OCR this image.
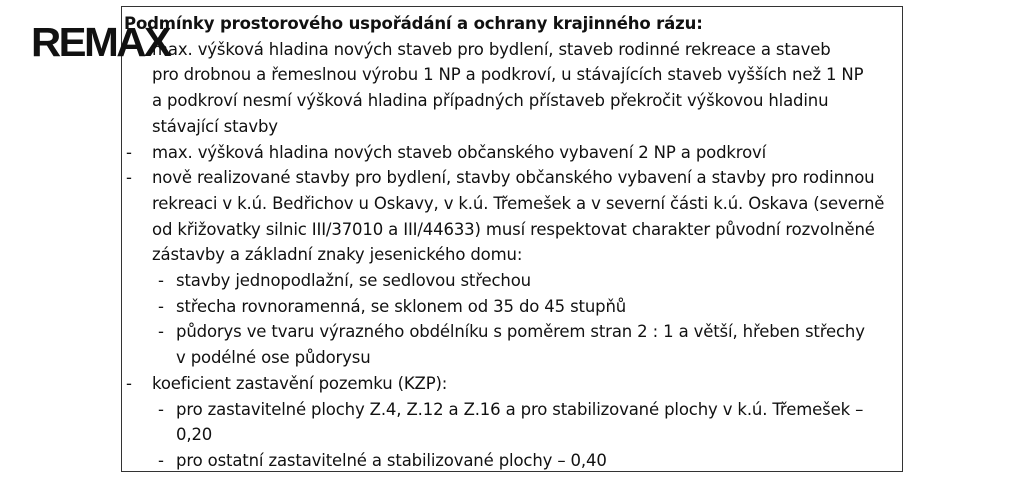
REMAX
Podmínky prostorového uspořádání a ochrany krajinného rázu:
max. výšková hladina nových staveb pro bydlení, staveb rodinné rekreace a staveb
pro drobnou a řemeslnou výrobu 1 NP a podkroví, u stávajících staveb vyšších než 1 NP
a podkroví nesmí výšková hladina případných přístaveb překročit výškovou hladinu
stávající stavby
- max. výšková hladina nových staveb občanského vybavení 2 NP a podkroví
- nově realizované stavby pro bydlení, stavby občanského vybavení a stavby pro rodinnou
rekreaci v k.ú. Bedřichov u Oskavy, v k.ú. Třemešek a v severní části k.ú. Oskava (severně
od křižovatky silnic III/37010 a III/44633) musí respektovat charakter původní rozvolněné
zástavby a základní znaky jesenického domu:
- stavby jednopodlažní, se sedlovou střechou
- střecha rovnoramenná, se sklonem od 35 do 45 stupňů
- půdorys ve tvaru výrazného obdélníku s poměrem stran 2 : 1 a větší, hřeben střechy
v podélné ose půdorysu
- koeficient zastavění pozemku (KZP):
- pro zastavitelné plochy Z.4, Z.12 a Z.16 a pro stabilizované plochy v k.ú. Třemešek –
0,20
- pro ostatní zastavitelné a stabilizované plochy – 0,40
